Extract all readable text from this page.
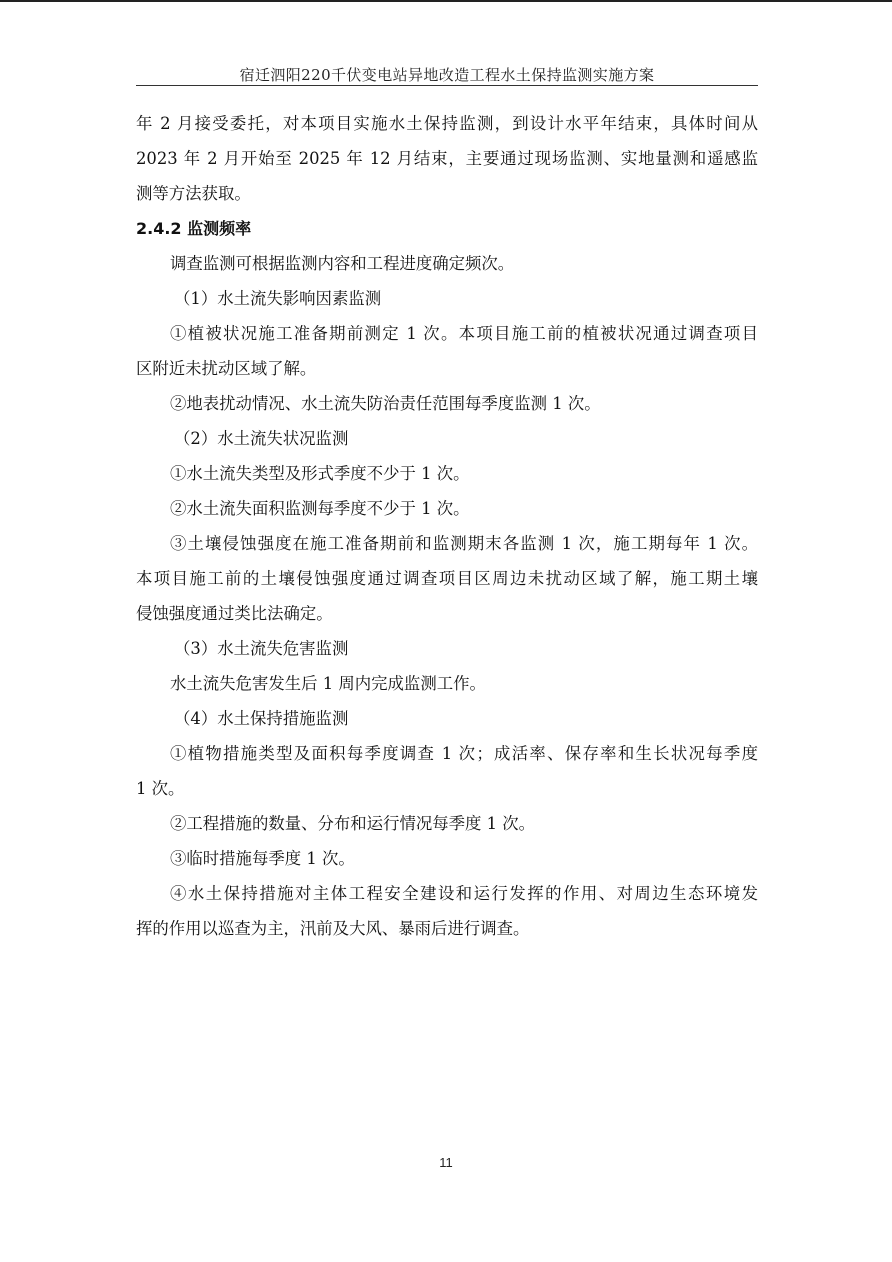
宿迁泗阳220千伏变电站异地改造工程水土保持监测实施方案
年 2 月接受委托，对本项目实施水土保持监测，到设计水平年结束，具体时间从
2023 年 2 月开始至 2025 年 12 月结束，主要通过现场监测、实地量测和遥感监
测等方法获取。
2.4.2 监测频率
调查监测可根据监测内容和工程进度确定频次。
（1）水土流失影响因素监测
①植被状况施工准备期前测定 1 次。本项目施工前的植被状况通过调查项目
区附近未扰动区域了解。
②地表扰动情况、水土流失防治责任范围每季度监测 1 次。
（2）水土流失状况监测
①水土流失类型及形式季度不少于 1 次。
②水土流失面积监测每季度不少于 1 次。
③土壤侵蚀强度在施工准备期前和监测期末各监测 1 次，施工期每年 1 次。
本项目施工前的土壤侵蚀强度通过调查项目区周边未扰动区域了解，施工期土壤
侵蚀强度通过类比法确定。
（3）水土流失危害监测
水土流失危害发生后 1 周内完成监测工作。
（4）水土保持措施监测
①植物措施类型及面积每季度调查 1 次；成活率、保存率和生长状况每季度
1 次。
②工程措施的数量、分布和运行情况每季度 1 次。
③临时措施每季度 1 次。
④水土保持措施对主体工程安全建设和运行发挥的作用、对周边生态环境发
挥的作用以巡查为主，汛前及大风、暴雨后进行调查。
11
